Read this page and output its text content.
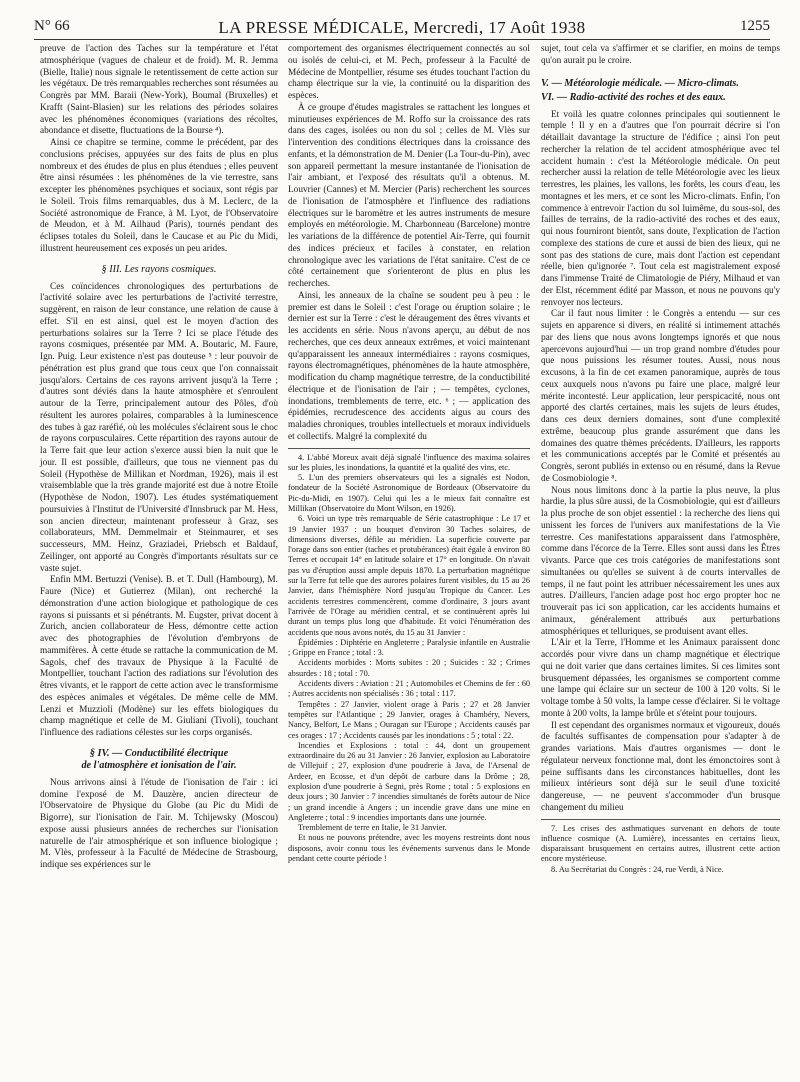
N° 66	LA PRESSE MÉDICALE, Mercredi, 17 Août 1938	1255

preuve de l'action des Taches sur la température et l'état atmosphérique (vagues de chaleur et de froid). M. R. Jemma (Bielle, Italie) nous signale le retentissement de cette action sur les végétaux. De très remarquables recherches sont résumées au Congrès par MM. Baraii (New-York), Boumal (Bruxelles) et Krafft (Saint-Blasien) sur les relations des périodes solaires avec les phénomènes économiques (variations des récoltes, abondance et disette, fluctuations de la Bourse ⁴).

Ainsi ce chapitre se termine, comme le précédent, par des conclusions précises, appuyées sur des faits de plus en plus nombreux et des études de plus en plus étendues ; elles peuvent être ainsi résumées : les phénomènes de la vie terrestre, sans excepter les phénomènes psychiques et sociaux, sont régis par le Soleil. Trois films remarquables, dus à M. Leclerc, de la Société astronomique de France, à M. Lyot, de l'Observatoire de Meudon, et à M. Ailhaud (Paris), tournés pendant des éclipses totales du Soleil, dans le Caucase et au Pic du Midi, illustrent heureusement ces exposés un peu arides.

§ III. Les rayons cosmiques.

Ces coïncidences chronologiques des perturbations de l'activité solaire avec les perturbations de l'activité terrestre, suggèrent, en raison de leur constance, une relation de cause à effet. S'il en est ainsi, quel est le moyen d'action des perturbations solaires sur la Terre ? Ici se place l'étude des rayons cosmiques, présentée par MM. A. Boutaric, M. Faure, Ign. Puig. Leur existence n'est pas douteuse ⁵ : leur pouvoir de pénétration est plus grand que tous ceux que l'on connaissait jusqu'alors. Certains de ces rayons arrivent jusqu'à la Terre ; d'autres sont déviés dans la haute atmosphère et s'enroulent autour de la Terre, principalement autour des Pôles, d'où résultent les aurores polaires, comparables à la luminescence des tubes à gaz raréfié, où les molécules s'éclairent sous le choc de rayons corpusculaires. Cette répartition des rayons autour de la Terre fait que leur action s'exerce aussi bien la nuit que le jour. Il est possible, d'ailleurs, que tous ne viennent pas du Soleil (Hypothèse de Millikan et Nordman, 1926), mais il est vraisemblable que la très grande majorité est due à notre Etoile (Hypothèse de Nodon, 1907). Les études systématiquement poursuivies à l'Institut de l'Université d'Innsbruck par M. Hess, son ancien directeur, maintenant professeur à Graz, ses collaborateurs, MM. Demmelmair et Steinmaurer, et ses successeurs, MM. Heinz, Graziadei, Priebsch et Baldauf, Zeilinger, ont apporté au Congrès d'importants résultats sur ce vaste sujet.

Enfin MM. Bertuzzi (Venise). B. et T. Dull (Hambourg), M. Faure (Nice) et Gutierrez (Milan), ont recherché la démonstration d'une action biologique et pathologique de ces rayons si puissants et si pénétrants. M. Eugster, privat docent à Zurich, ancien collaborateur de Hess, démontre cette action avec des photographies de l'évolution d'embryons de mammifères. À cette étude se rattache la communication de M. Sagols, chef des travaux de Physique à la Faculté de Montpellier, touchant l'action des radiations sur l'évolution des êtres vivants, et le rapport de cette action avec le transformisme des espèces animales et végétales. De même celle de MM. Lenzi et Muzzioli (Modène) sur les effets biologiques du champ magnétique et celle de M. Giuliani (Tivoli), touchant l'influence des radiations célestes sur les corps organisés.

§ IV. — Conductibilité électrique
de l'atmosphère et ionisation de l'air.

Nous arrivons ainsi à l'étude de l'ionisation de l'air : ici domine l'exposé de M. Dauzère, ancien directeur de l'Observatoire de Physique du Globe (au Pic du Midi de Bigorre), sur l'ionisation de l'air. M. Tchijewsky (Moscou) expose aussi plusieurs années de recherches sur l'ionisation naturelle de l'air atmosphérique et son influence biologique ; M. Vlès, professeur à la Faculté de Médecine de Strasbourg, indique ses expériences sur le

comportement des organismes électriquement connectés au sol ou isolés de celui-ci, et M. Pech, professeur à la Faculté de Médecine de Montpellier, résume ses études touchant l'action du champ électrique sur la vie, la continuité ou la disparition des espèces.

À ce groupe d'études magistrales se rattachent les longues et minutieuses expériences de M. Roffo sur la croissance des rats dans des cages, isolées ou non du sol ; celles de M. Vlès sur l'intervention des conditions électriques dans la croissance des enfants, et la démonstration de M. Denier (La Tour-du-Pin), avec son appareil permettant la mesure instantanée de l'ionisation de l'air ambiant, et l'exposé des résultats qu'il a obtenus. M. Louvrier (Cannes) et M. Mercier (Paris) recherchent les sources de l'ionisation de l'atmosphère et l'influence des radiations électriques sur le baromètre et les autres instruments de mesure employés en météorologie. M. Charbonneau (Barcelone) montre les variations de la différence de potentiel Air-Terre, qui fournit des indices précieux et faciles à constater, en relation chronologique avec les variations de l'état sanitaire. C'est de ce côté certainement que s'orienteront de plus en plus les recherches.

Ainsi, les anneaux de la chaîne se soudent peu à peu : le premier est dans le Soleil : c'est l'orage ou éruption solaire ; le dernier est sur la Terre : c'est le déraugement des êtres vivants et les accidents en série. Nous n'avons aperçu, au début de nos recherches, que ces deux anneaux extrêmes, et voici maintenant qu'apparaissent les anneaux intermédiaires : rayons cosmiques, rayons électromagnétiques, phénomènes de la haute atmosphère, modification du champ magnétique terrestre, de la conductibilité électrique et de l'ionisation de l'air ; — tempêtes, cyclones, inondations, tremblements de terre, etc. ⁶ ; — application des épidémies, recrudescence des accidents aigus au cours des maladies chroniques, troubles intellectuels et moraux individuels et collectifs. Malgré la complexité du

4. L'abbé Moreux avait déjà signalé l'influence des maxima solaires sur les pluies, les inondations, la quantité et la qualité des vins, etc.

5. L'un des premiers observateurs qui les a signalés est Nodon, fondateur de la Société Astronomique de Bordeaux (Observatoire du Pic-du-Midi, en 1907). Celui qui les a le mieux fait connaître est Millikan (Observatoire du Mont Wilson, en 1926).

6. Voici un type très remarquable de Série catastrophique : Le 17 et 19 Janvier 1937 : un bouquet d'environ 30 Taches solaires, de dimensions diverses, défile au méridien. La superficie couverte par l'orage dans son entier (taches et protubérances) était égale à environ 80 Terres et occupait 14° en latitude solaire et 17° en longitude. On n'avait pas vu d'éruption aussi ample depuis 1870. La perturbation magnétique sur la Terre fut telle que des aurores polaires furent visibles, du 15 au 26 Janvier, dans l'hémisphère Nord jusqu'au Tropique du Cancer. Les accidents terrestres commencèrent, comme d'ordinaire, 3 jours avant l'arrivée de l'Orage au méridien central, et se continuèrent après lui durant un temps plus long que d'habitude. Et voici l'énumération des accidents que nous avons notés, du 15 au 31 Janvier :

Épidémies : Diphtérie en Angleterre ; Paralysie infantile en Australie ; Grippe en France ; total : 3.

Accidents morbides : Morts subites : 20 ; Suicides : 32 ; Crimes absurdes : 18 ; total : 70.

Accidents divers : Aviation : 21 ; Automobiles et Chemins de fer : 60 ; Autres accidents non spécialisés : 36 ; total : 117.

Tempêtes : 27 Janvier, violent orage à Paris ; 27 et 28 Janvier tempêtes sur l'Atlantique ; 29 Janvier, orages à Chambéry, Nevers, Nancy, Belfort, Le Mans ; Ouragan sur l'Europe ; Accidents causés par ces orages : 17 ; Accidents causés par les inondations : 5 ; total : 22.

Incendies et Explosions : total : 44, dont un groupement extraordinaire du 26 au 31 Janvier : 26 Janvier, explosion au Laboratoire de Villejuif ; 27, explosion d'une poudrerie à Java, de l'Arsenal de Ardeer, en Ecosse, et d'un dépôt de carbure dans la Drôme ; 28, explosion d'une poudrerie à Segni, près Rome ; total : 5 explosions en deux jours ; 30 Janvier : 7 incendies simultanés de forêts autour de Nice ; un grand incendie à Angers ; un incendie grave dans une mine en Angleterre ; total : 9 incendies importants dans une journée.

Tremblement de terre en Italie, le 31 Janvier.

Et nous ne pouvons prétendre, avec les moyens restreints dont nous disposons, avoir connu tous les événements survenus dans le Monde pendant cette courte période !

sujet, tout cela va s'affirmer et se clarifier, en moins de temps qu'on aurait pu le croire.

V. — Météorologie médicale. — Micro-climats.
VI. — Radio-activité des roches et des eaux.

Et voilà les quatre colonnes principales qui soutiennent le temple ! Il y en a d'autres que l'on pourrait décrire si l'on détaillait davantage la structure de l'édifice ; ainsi l'on peut rechercher la relation de tel accident atmosphérique avec tel accident humain : c'est la Météorologie médicale. On peut rechercher aussi la relation de telle Météorologie avec les lieux terrestres, les plaines, les vallons, les forêts, les cours d'eau, les montagnes et les mers, et ce sont les Micro-climats. Enfin, l'on commence à entrevoir l'action du sol luimême, du sous-sol, des failles de terrains, de la radio-activité des roches et des eaux, qui nous fourniront bientôt, sans doute, l'explication de l'action complexe des stations de cure et aussi de bien des lieux, qui ne sont pas des stations de cure, mais dont l'action est cependant réelle, bien qu'ignorée ⁷. Tout cela est magistralement exposé dans l'immense Traité de Climatologie de Piéry, Milhaud et van der Elst, récemment édité par Masson, et nous ne pouvons qu'y renvoyer nos lecteurs.

Car il faut nous limiter : le Congrès a entendu — sur ces sujets en apparence si divers, en réalité si intimement attachés par des liens que nous avons longtemps ignorés et que nous apercevons aujourd'hui — un trop grand nombre d'études pour que nous puissions les résumer toutes. Aussi, nous nous excusons, à la fin de cet examen panoramique, auprès de tous ceux auxquels nous n'avons pu faire une place, malgré leur mérite incontesté. Leur application, leur perspicacité, nous ont apporté des clartés certaines, mais les sujets de leurs études, dans ces deux derniers domaines, sont d'une complexité extrême, beaucoup plus grande assurément que dans les domaines des quatre thèmes précédents. D'ailleurs, les rapports et les communications acceptés par le Comité et présentés au Congrès, seront publiés in extenso ou en résumé, dans la Revue de Cosmobiologie ⁸.

Nous nous limitons donc à la partie la plus neuve, la plus hardie, la plus sûre aussi, de la Cosmobiologie, qui est d'ailleurs la plus proche de son objet essentiel : la recherche des liens qui unissent les forces de l'univers aux manifestations de la Vie terrestre. Ces manifestations apparaissent dans l'atmosphère, comme dans l'écorce de la Terre. Elles sont aussi dans les Êtres vivants. Parce que ces trois catégories de manifestations sont simultanées ou qu'elles se suivent à de courts intervalles de temps, il ne faut point les attribuer nécessairement les unes aux autres. D'ailleurs, l'ancien adage post hoc ergo propter hoc ne trouverait pas ici son application, car les accidents humains et animaux, généralement attribués aux perturbations atmosphériques et telluriques, se produisent avant elles.

L'Air et la Terre, l'Homme et les Animaux paraissent donc accordés pour vivre dans un champ magnétique et électrique qui ne doit varier que dans certaines limites. Si ces limites sont brusquement dépassées, les organismes se comportent comme une lampe qui éclaire sur un secteur de 100 à 120 volts. Si le voltage tombe à 50 volts, la lampe cesse d'éclairer. Si le voltage monte à 200 volts, la lampe brûle et s'éteint pour toujours.

Il est cependant des organismes normaux et vigoureux, doués de facultés suffisantes de compensation pour s'adapter à de grandes variations. Mais d'autres organismes — dont le régulateur nerveux fonctionne mal, dont les émonctoires sont à peine suffisants dans les circonstances habituelles, dont les milieux intérieurs sont déjà sur le seuil d'une toxicité dangereuse, — ne peuvent s'accommoder d'un brusque changement du milieu

7. Les crises des asthmatiques survenant en dehors de toute influence cosmique (A. Lumière), incessantes en certains lieux, disparaissant brusquement en certains autres, illustrent cette action encore mystérieuse.

8. Au Secrétariat du Congrès : 24, rue Verdi, à Nice.
